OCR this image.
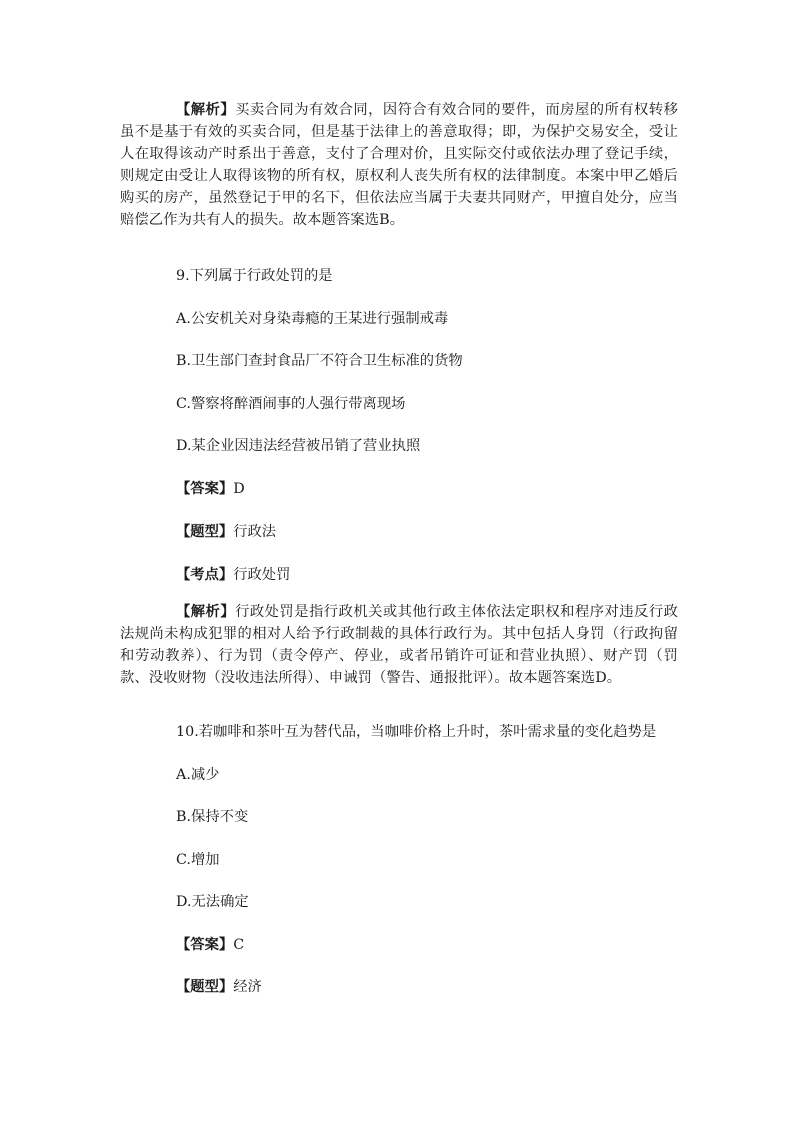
【解析】买卖合同为有效合同，因符合有效合同的要件，而房屋的所有权转移虽不是基于有效的买卖合同，但是基于法律上的善意取得；即，为保护交易安全，受让人在取得该动产时系出于善意，支付了合理对价，且实际交付或依法办理了登记手续，则规定由受让人取得该物的所有权，原权利人丧失所有权的法律制度。本案中甲乙婚后购买的房产，虽然登记于甲的名下，但依法应当属于夫妻共同财产，甲擅自处分，应当赔偿乙作为共有人的损失。故本题答案选B。

9.下列属于行政处罚的是

A.公安机关对身染毒瘾的王某进行强制戒毒

B.卫生部门查封食品厂不符合卫生标准的货物

C.警察将醉酒闹事的人强行带离现场

D.某企业因违法经营被吊销了营业执照

【答案】D

【题型】行政法

【考点】行政处罚

【解析】行政处罚是指行政机关或其他行政主体依法定职权和程序对违反行政法规尚未构成犯罪的相对人给予行政制裁的具体行政行为。其中包括人身罚（行政拘留和劳动教养）、行为罚（责令停产、停业，或者吊销许可证和营业执照）、财产罚（罚款、没收财物（没收违法所得）、申诫罚（警告、通报批评）。故本题答案选D。

10.若咖啡和茶叶互为替代品，当咖啡价格上升时，茶叶需求量的变化趋势是

A.减少

B.保持不变

C.增加

D.无法确定

【答案】C

【题型】经济
